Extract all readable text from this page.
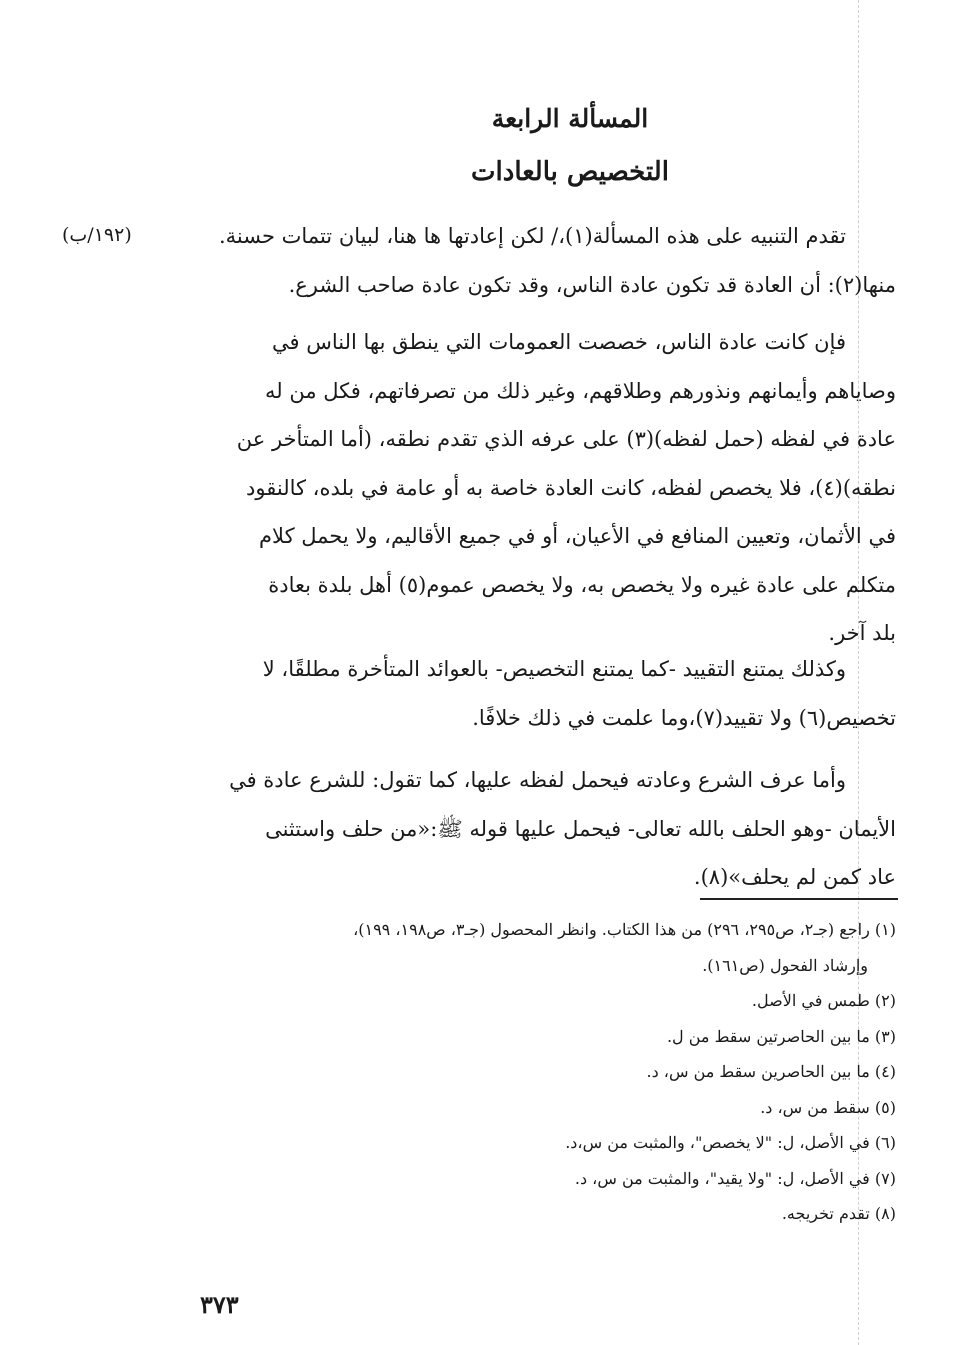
المسألة الرابعة
التخصيص بالعادات
(١٩٢/ب)	تقدم التنبيه على هذه المسألة(١)،/ لكن إعادتها ها هنا، لبيان تتمات حسنة.
منها(٢): أن العادة قد تكون عادة الناس، وقد تكون عادة صاحب الشرع.

فإن كانت عادة الناس، خصصت العمومات التي ينطق بها الناس في
وصاياهم وأيمانهم ونذورهم وطلاقهم، وغير ذلك من تصرفاتهم، فكل من له
عادة في لفظه (حمل لفظه)(٣) على عرفه الذي تقدم نطقه، (أما المتأخر عن
نطقه)(٤)، فلا يخصص لفظه، كانت العادة خاصة به أو عامة في بلده، كالنقود
في الأثمان، وتعيين المنافع في الأعيان، أو في جميع الأقاليم، ولا يحمل كلام
متكلم على عادة غيره ولا يخصص به، ولا يخصص عموم(٥) أهل بلدة بعادة
بلد آخر.

وكذلك يمتنع التقييد -كما يمتنع التخصيص- بالعوائد المتأخرة مطلقًا، لا
تخصيص(٦) ولا تقييد(٧)،وما علمت في ذلك خلافًا.

وأما عرف الشرع وعادته فيحمل لفظه عليها، كما تقول: للشرع عادة في
الأيمان -وهو الحلف بالله تعالى- فيحمل عليها قوله ﷺ:«من حلف واستثنى
عاد كمن لم يحلف»(٨).

(١) راجع (جـ٢، ص٢٩٥، ٢٩٦) من هذا الكتاب. وانظر المحصول (جـ٣، ص١٩٨، ١٩٩)،
وإرشاد الفحول (ص١٦١).
(٢) طمس في الأصل.
(٣) ما بين الحاصرتين سقط من ل.
(٤) ما بين الحاصرين سقط من س، د.
(٥) سقط من س، د.
(٦) في الأصل، ل: "لا يخصص"، والمثبت من س،د.
(٧) في الأصل، ل: "ولا يقيد"، والمثبت من س، د.
(٨) تقدم تخريجه.
٣٧٣
